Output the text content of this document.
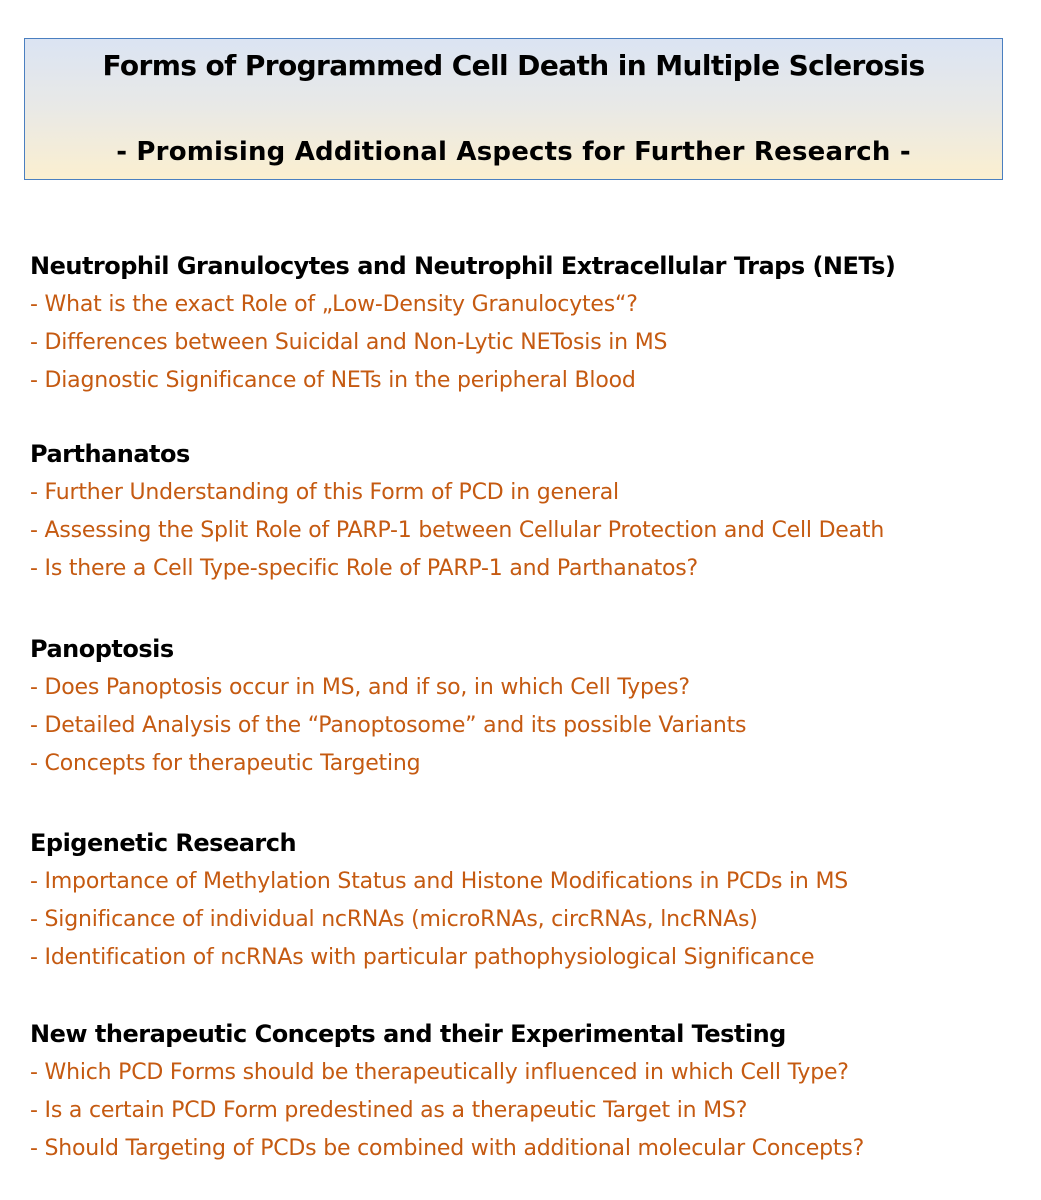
Forms of Programmed Cell Death in Multiple Sclerosis
- Promising Additional Aspects for Further Research -
Neutrophil Granulocytes and Neutrophil Extracellular Traps (NETs)
- What is the exact Role of „Low-Density Granulocytes“?
- Differences between Suicidal and Non-Lytic NETosis in MS
- Diagnostic Significance of NETs in the peripheral Blood
Parthanatos
- Further Understanding of this Form of PCD in general
- Assessing the Split Role of PARP-1 between Cellular Protection and Cell Death
- Is there a Cell Type-specific Role of PARP-1 and Parthanatos?
Panoptosis
- Does Panoptosis occur in MS, and if so, in which Cell Types?
- Detailed Analysis of the “Panoptosome” and its possible Variants
- Concepts for therapeutic Targeting
Epigenetic Research
- Importance of Methylation Status and Histone Modifications in PCDs in MS
- Significance of individual ncRNAs (microRNAs, circRNAs, lncRNAs)
- Identification of ncRNAs with particular pathophysiological Significance
New therapeutic Concepts and their Experimental Testing
- Which PCD Forms should be therapeutically influenced in which Cell Type?
- Is a certain PCD Form predestined as a therapeutic Target in MS?
- Should Targeting of PCDs be combined with additional molecular Concepts?
